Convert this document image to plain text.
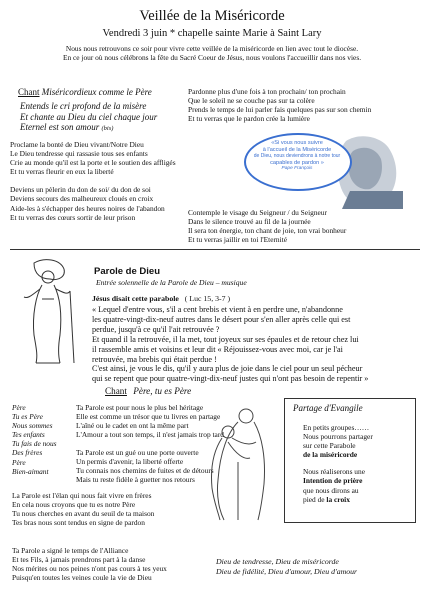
Veillée de la Miséricorde
Vendredi 3 juin * chapelle sainte Marie à Saint Lary
Nous nous retrouvons ce soir pour vivre cette veillée de la miséricorde en lien avec tout le diocèse.
En ce jour où nous célébrons la fête du Sacré Coeur de Jésus, nous voulons l'accueillir dans nos vies.
Chant Miséricordieux comme le Père
Entends le cri profond de la misère
Et chante au Dieu du ciel chaque jour
Eternel est son amour (bis)
Proclame la bonté de Dieu vivant/Notre Dieu
Le Dieu tendresse qui rassasie tous ses enfants
Crie au monde qu'il est la porte et le soutien des affligés
Et tu verras fleurir en eux la liberté
Deviens un pèlerin du don de soi/ du don de soi
Deviens secours des malheureux cloués en croix
Aide-les à s'échapper des heures noires de l'abandon
Et tu verras des cœurs sortir de leur prison
Pardonne plus d'une fois à ton prochain/ ton prochain
Que le soleil ne se couche pas sur ta colère
Prends le temps de lui parler fais quelques pas sur son chemin
Et tu verras que le pardon crée la lumière
«Si vous nous suivre
à l'accueil de la Miséricorde
de Dieu, nous deviendrons à notre tour
capables de pardon »
Pape François
Contemple le visage du Seigneur / du Seigneur
Dans le silence trouvé au fil de la journée
Il sera ton énergie, ton chant de joie, ton vrai bonheur
Et tu verras jaillir en toi l'Eternité
Parole de Dieu
Entrée solennelle de la Parole de Dieu – musique
Jésus disait cette parabole ( Luc 15, 3-7 )
« Lequel d'entre vous, s'il a cent brebis et vient à en perdre une, n'abandonne
les quatre-vingt-dix-neuf autres dans le désert pour s'en aller après celle qui est
perdue, jusqu'à ce qu'il l'ait retrouvée ?
Et quand il la retrouvée, il la met, tout joyeux sur ses épaules et de retour chez lui
il rassemble amis et voisins et leur dit « Réjouissez-vous avec moi, car je l'ai
retrouvée, ma brebis qui était perdue !
C'est ainsi, je vous le dis, qu'il y aura plus de joie dans le ciel pour un seul pécheur
qui se repent que pour quatre-vingt-dix-neuf justes qui n'ont pas besoin de repentir »
Chant Père, tu es Père
Père
Tu es Père
Nous sommes
Tes enfants
Tu fais de nous
Des frères
Père
Bien-aimant
Ta Parole est pour nous le plus bel héritage
Elle est comme un trésor que tu livres en partage
L'aîné ou le cadet en ont la même part
L'Amour a tout son temps, il n'est jamais trop tard
Ta Parole est un gué ou une porte ouverte
Un permis d'avenir, la liberté offerte
Tu connais nos chemins de fuites et de détours
Mais tu reste fidèle à guetter nos retours
La Parole est l'élan qui nous fait vivre en frères
En cela nous croyons que tu es notre Père
Tu nous cherches en avant du seuil de ta maison
Tes bras nous sont tendus en signe de pardon
Ta Parole a signé le temps de l'Alliance
Et tes Fils, à jamais prendrons part à la danse
Nos mérites ou nos peines n'ont pas cours à tes yeux
Puisqu'en toutes les veines coule la vie de Dieu
Partage d'Evangile
En petits groupes……
Nous pourrons partager
sur cette Parabole
de la miséricorde
Nous réaliserons une
Intention de prière
que nous dirons au
pied de la croix
Dieu de tendresse, Dieu de miséricorde
Dieu de fidélité, Dieu d'amour, Dieu d'amour
